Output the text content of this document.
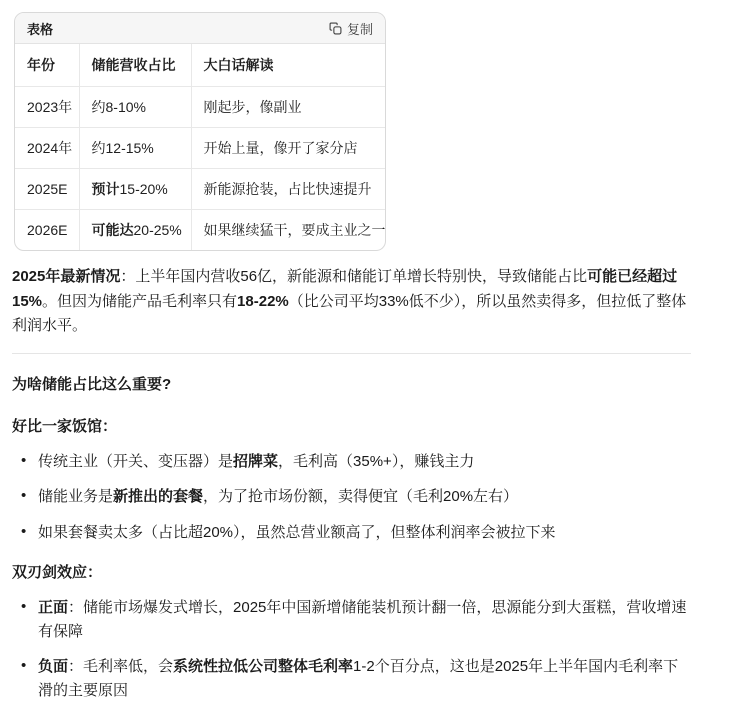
表格	复制
年份	储能营收占比	大白话解读
2023年	约8-10%	刚起步，像副业
2024年	约12-15%	开始上量，像开了家分店
2025E	预计15-20%	新能源抢装，占比快速提升
2026E	可能达20-25%	如果继续猛干，要成主业之一

2025年最新情况：上半年国内营收56亿，新能源和储能订单增长特别快，导致储能占比可能已经超过15%。但因为储能产品毛利率只有18-22%（比公司平均33%低不少），所以虽然卖得多，但拉低了整体利润水平。

为啥储能占比这么重要?

好比一家饭馆：

• 传统主业（开关、变压器）是招牌菜，毛利高（35%+），赚钱主力
• 储能业务是新推出的套餐，为了抢市场份额，卖得便宜（毛利20%左右）
• 如果套餐卖太多（占比超20%），虽然总营业额高了，但整体利润率会被拉下来

双刃剑效应：

• 正面：储能市场爆发式增长，2025年中国新增储能装机预计翻一倍，思源能分到大蛋糕，营收增速有保障
• 负面：毛利率低，会系统性拉低公司整体毛利率1-2个百分点，这也是2025年上半年国内毛利率下滑的主要原因
